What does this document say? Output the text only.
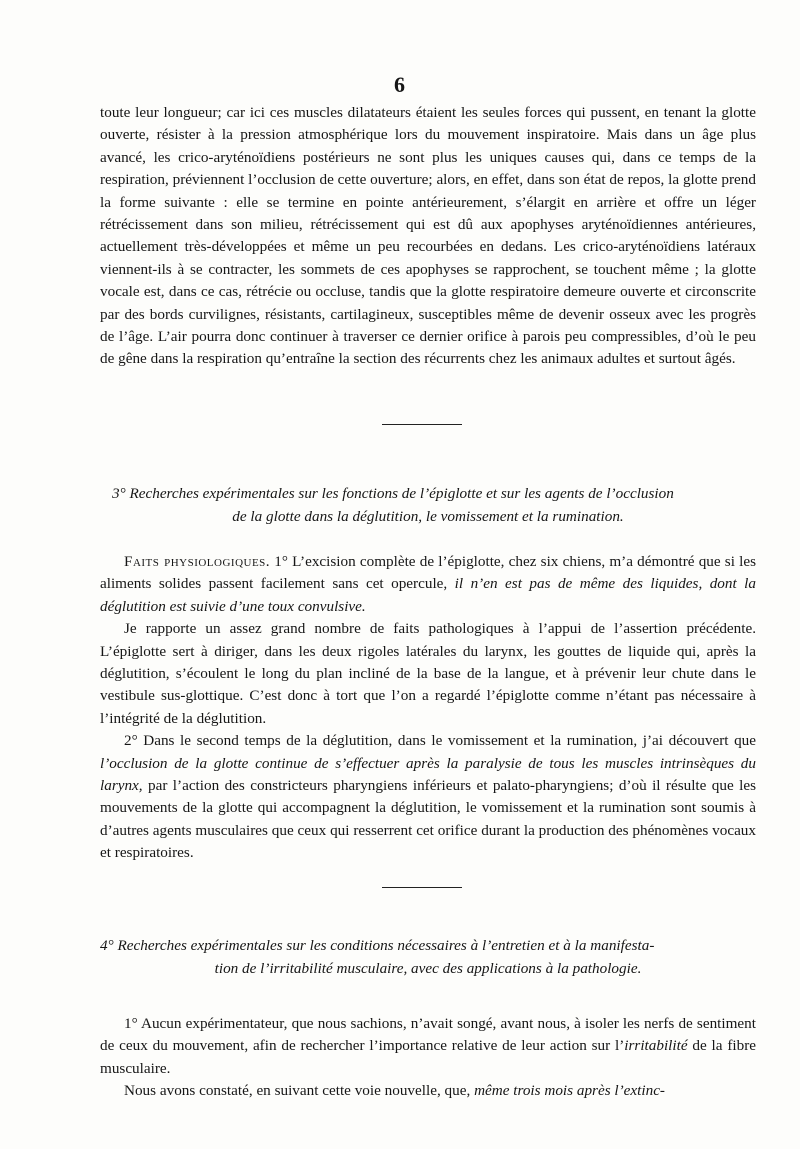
6

toute leur longueur; car ici ces muscles dilatateurs étaient les seules forces qui pussent, en tenant la glotte ouverte, résister à la pression atmosphérique lors du mouvement inspiratoire. Mais dans un âge plus avancé, les crico-aryténoïdiens postérieurs ne sont plus les uniques causes qui, dans ce temps de la respiration, préviennent l’occlusion de cette ouverture; alors, en effet, dans son état de repos, la glotte prend la forme suivante : elle se termine en pointe antérieurement, s’élargit en arrière et offre un léger rétrécissement dans son milieu, rétrécissement qui est dû aux apophyses aryténoïdiennes antérieures, actuellement très-développées et même un peu recourbées en dedans. Les crico-aryténoïdiens latéraux viennent-ils à se contracter, les sommets de ces apophyses se rapprochent, se touchent même ; la glotte vocale est, dans ce cas, rétrécie ou occluse, tandis que la glotte respiratoire demeure ouverte et circonscrite par des bords curvilignes, résistants, cartilagineux, susceptibles même de devenir osseux avec les progrès de l’âge. L’air pourra donc continuer à traverser ce dernier orifice à parois peu compressibles, d’où le peu de gêne dans la respiration qu’entraîne la section des récurrents chez les animaux adultes et surtout âgés.

3° Recherches expérimentales sur les fonctions de l’épiglotte et sur les agents de l’occlusion
de la glotte dans la déglutition, le vomissement et la rumination.

Faits physiologiques. 1° L’excision complète de l’épiglotte, chez six chiens, m’a démontré que si les aliments solides passent facilement sans cet opercule, il n’en est pas de même des liquides, dont la déglutition est suivie d’une toux convulsive.

Je rapporte un assez grand nombre de faits pathologiques à l’appui de l’assertion précédente. L’épiglotte sert à diriger, dans les deux rigoles latérales du larynx, les gouttes de liquide qui, après la déglutition, s’écoulent le long du plan incliné de la base de la langue, et à prévenir leur chute dans le vestibule sus-glottique. C’est donc à tort que l’on a regardé l’épiglotte comme n’étant pas nécessaire à l’intégrité de la déglutition.

2° Dans le second temps de la déglutition, dans le vomissement et la rumination, j’ai découvert que l’occlusion de la glotte continue de s’effectuer après la paralysie de tous les muscles intrinsèques du larynx, par l’action des constricteurs pharyngiens inférieurs et palato-pharyngiens; d’où il résulte que les mouvements de la glotte qui accompagnent la déglutition, le vomissement et la rumination sont soumis à d’autres agents musculaires que ceux qui resserrent cet orifice durant la production des phénomènes vocaux et respiratoires.

4° Recherches expérimentales sur les conditions nécessaires à l’entretien et à la manifesta-
tion de l’irritabilité musculaire, avec des applications à la pathologie.

1° Aucun expérimentateur, que nous sachions, n’avait songé, avant nous, à isoler les nerfs de sentiment de ceux du mouvement, afin de rechercher l’importance relative de leur action sur l’irritabilité de la fibre musculaire.

Nous avons constaté, en suivant cette voie nouvelle, que, même trois mois après l’extinc-
